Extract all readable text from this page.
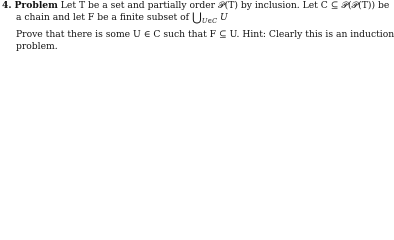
4. Problem Let T be a set and partially order 𝒫(T) by inclusion. Let C ⊆ 𝒫(𝒫(T)) be
a chain and let F be a finite subset of $⋃_{U\in C}$ U
Prove that there is some U ∈ C such that F ⊆ U. Hint: Clearly this is an induction
problem.
